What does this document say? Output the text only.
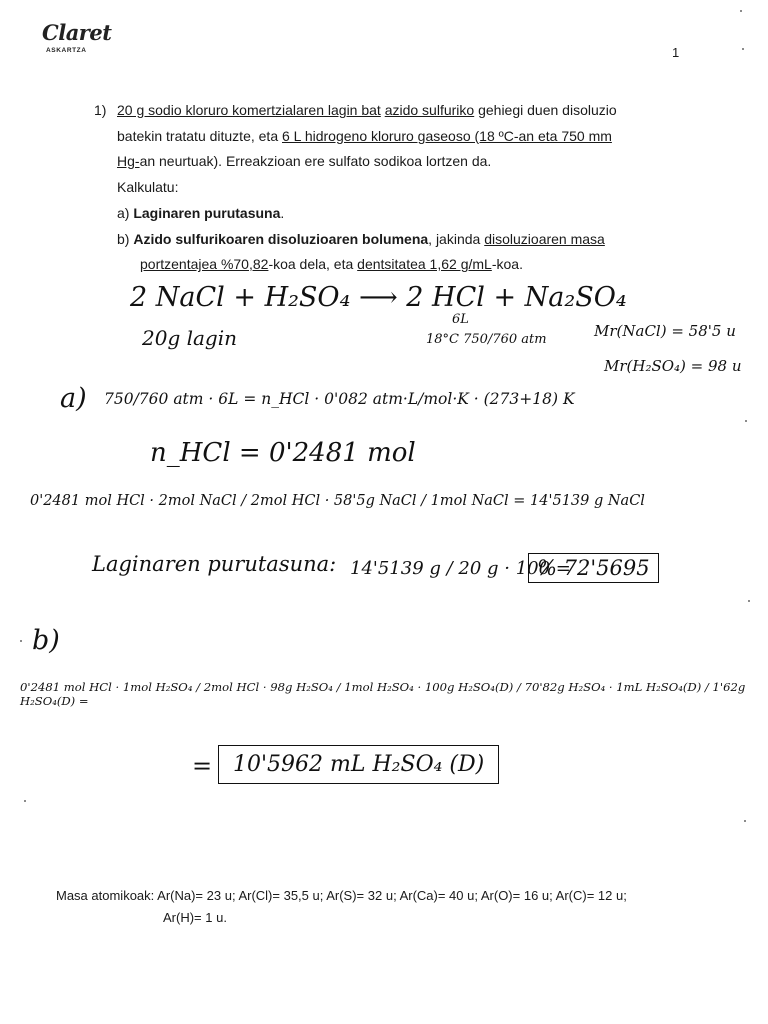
Claret
ASKARTZA	1
1) 20 g sodio kloruro komertzialaren lagin bat azido sulfuriko gehiegi duen disoluzio
batekin tratatu dituzte, eta 6 L hidrogeno kloruro gaseoso (18 ºC-an eta 750 mm
Hg-an neurtuak). Erreakzioan ere sulfato sodikoa lortzen da.
Kalkulatu:
a) Laginaren purutasuna.
b) Azido sulfurikoaren disoluzioaren bolumena, jakinda disoluzioaren masa
portzentajea %70,82-koa dela, eta dentsitatea 1,62 g/mL-koa.
2 NaCl + H₂SO₄ ⟶ 2 HCl + Na₂SO₄
20g lagin
6L
18°C 750/760 atm	Mr(NaCl) = 58'5 u
Mr(H₂SO₄) = 98 u
a) 750/760 atm · 6L = n_HCl · 0'082 atm·L/mol·K · (273+18) K
n_HCl = 0'2481 mol
0'2481 mol HCl · 2mol NaCl / 2mol HCl · 58'5g NaCl / 1mol NaCl = 14'5139 g NaCl
Laginaren purutasuna: 14'5139 g / 20 g · 100 =
% 72'5695
b)
0'2481 mol HCl · 1mol H₂SO₄ / 2mol HCl · 98g H₂SO₄ / 1mol H₂SO₄ · 100g H₂SO₄(D) / 70'82g H₂SO₄ · 1mL H₂SO₄(D) / 1'62g H₂SO₄(D) =
= 10'5962 mL H₂SO₄ (D)
Masa atomikoak: Ar(Na)= 23 u; Ar(Cl)= 35,5 u; Ar(S)= 32 u; Ar(Ca)= 40 u; Ar(O)= 16 u; Ar(C)= 12 u;
Ar(H)= 1 u.
